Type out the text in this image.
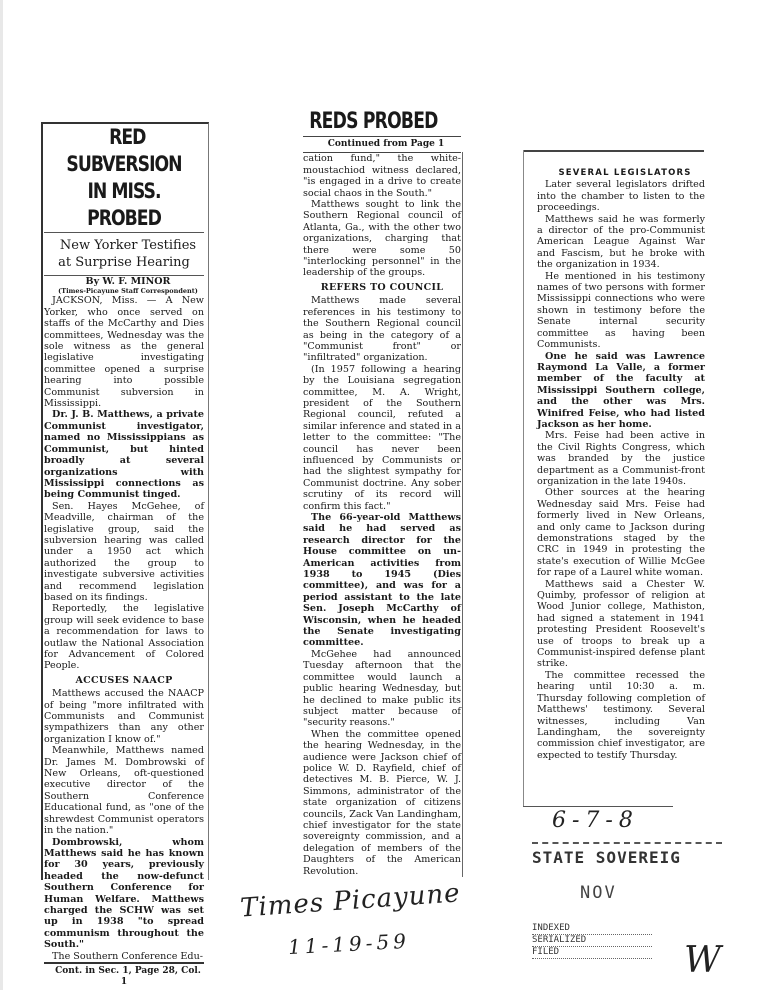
RED SUBVERSION IN MISS. PROBED

New Yorker Testifies at Surprise Hearing

By W. F. MINOR

(Times-Picayune Staff Correspondent)

JACKSON, Miss. — A New Yorker, who once served on staffs of the McCarthy and Dies committees, Wednesday was the sole witness as the general legislative investigating committee opened a surprise hearing into possible Communist subversion in Mississippi.

Dr. J. B. Matthews, a private Communist investigator, named no Mississippians as Communist, but hinted broadly at several organizations with Mississippi connections as being Communist tinged.

Sen. Hayes McGehee, of Meadville, chairman of the legislative group, said the subversion hearing was called under a 1950 act which authorized the group to investigate subversive activities and recommend legislation based on its findings.

Reportedly, the legislative group will seek evidence to base a recommendation for laws to outlaw the National Association for Advancement of Colored People.

ACCUSES NAACP

Matthews accused the NAACP of being "more infiltrated with Communists and Communist sympathizers than any other organization I know of."

Meanwhile, Matthews named Dr. James M. Dombrowski of New Orleans, oft-questioned executive director of the Southern Conference Educational fund, as "one of the shrewdest Communist operators in the nation."

Dombrowski, whom Matthews said he has known for 30 years, previously headed the now-defunct Southern Conference for Human Welfare. Matthews charged the SCHW was set up in 1938 "to spread communism throughout the South."

The Southern Conference Edu-

Cont. in Sec. 1, Page 28, Col. 1

REDS PROBED

Continued from Page 1

cation fund," the white-moustachiod witness declared, "is engaged in a drive to create social chaos in the South."

Matthews sought to link the Southern Regional council of Atlanta, Ga., with the other two organizations, charging that there were some 50 "interlocking personnel" in the leadership of the groups.

REFERS TO COUNCIL

Matthews made several references in his testimony to the Southern Regional council as being in the category of a "Communist front" or "infiltrated" organization.

(In 1957 following a hearing by the Louisiana segregation committee, M. A. Wright, president of the Southern Regional council, refuted a similar inference and stated in a letter to the committee: "The council has never been influenced by Communists or had the slightest sympathy for Communist doctrine. Any sober scrutiny of its record will confirm this fact."

The 66-year-old Matthews said he had served as research director for the House committee on un-American activities from 1938 to 1945 (Dies committee), and was for a period assistant to the late Sen. Joseph McCarthy of Wisconsin, when he headed the Senate investigating committee.

McGehee had announced Tuesday afternoon that the committee would launch a public hearing Wednesday, but he declined to make public its subject matter because of "security reasons."

When the committee opened the hearing Wednesday, in the audience were Jackson chief of police W. D. Rayfield, chief of detectives M. B. Pierce, W. J. Simmons, administrator of the state organization of citizens councils, Zack Van Landingham, chief investigator for the state sovereignty commission, and a delegation of members of the Daughters of the American Revolution.

SEVERAL LEGISLATORS

Later several legislators drifted into the chamber to listen to the proceedings.

Matthews said he was formerly a director of the pro-Communist American League Against War and Fascism, but he broke with the organization in 1934.

He mentioned in his testimony names of two persons with former Mississippi connections who were shown in testimony before the Senate internal security committee as having been Communists.

One he said was Lawrence Raymond La Valle, a former member of the faculty at Mississippi Southern college, and the other was Mrs. Winifred Feise, who had listed Jackson as her home.

Mrs. Feise had been active in the Civil Rights Congress, which was branded by the justice department as a Communist-front organization in the late 1940s.

Other sources at the hearing Wednesday said Mrs. Feise had formerly lived in New Orleans, and only came to Jackson during demonstrations staged by the CRC in 1949 in protesting the state's execution of Willie McGee for rape of a Laurel white woman.

Matthews said a Chester W. Quimby, professor of religion at Wood Junior college, Mathiston, had signed a statement in 1941 protesting President Roosevelt's use of troops to break up a Communist-inspired defense plant strike.

The committee recessed the hearing until 10:30 a. m. Thursday following completion of Matthews' testimony. Several witnesses, including Van Landingham, the sovereignty commission chief investigator, are expected to testify Thursday.

6-7-8
Times Picayune
11-19-59
STATE SOVEREIG
NOV
INDEXED
SERIALIZED
FILED	W
